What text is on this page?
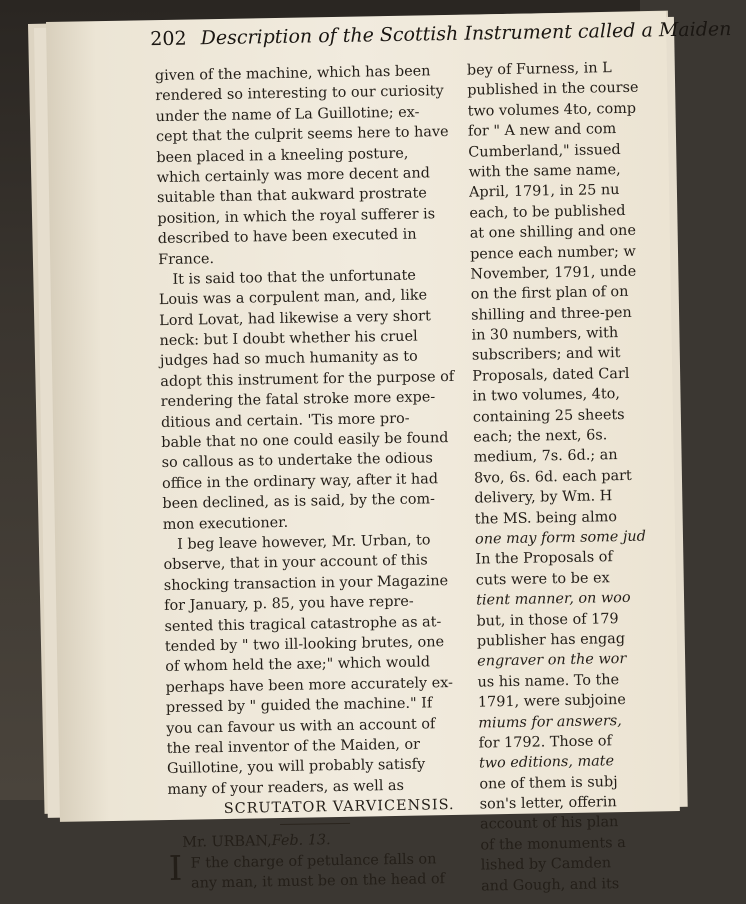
202 Description of the Scottish Instrument called a Maiden
given of the machine, which has been
rendered so interesting to our curiosity
under the name of La Guillotine; ex-
cept that the culprit seems here to have
been placed in a kneeling posture,
which certainly was more decent and
suitable than that aukward prostrate
position, in which the royal sufferer is
described to have been executed in
France.
It is said too that the unfortunate
Louis was a corpulent man, and, like
Lord Lovat, had likewise a very short
neck: but I doubt whether his cruel
judges had so much humanity as to
adopt this instrument for the purpose of
rendering the fatal stroke more expe-
ditious and certain. 'Tis more pro-
bable that no one could easily be found
so callous as to undertake the odious
office in the ordinary way, after it had
been declined, as is said, by the com-
mon executioner.
I beg leave however, Mr. Urban, to
observe, that in your account of this
shocking transaction in your Magazine
for January, p. 85, you have repre-
sented this tragical catastrophe as at-
tended by " two ill-looking brutes, one
of whom held the axe;" which would
perhaps have been more accurately ex-
pressed by " guided the machine." If
you can favour us with an account of
the real inventor of the Maiden, or
Guillotine, you will probably satisfy
many of your readers, as well as
SCRUTATOR VARVICENSIS.
Mr. URBAN,Feb. 13.
I F the charge of petulance falls on
any man, it must be on the head of
bey of Furness, in L
published in the course
two volumes 4to, comp
for " A new and com
Cumberland," issued
with the same name,
April, 1791, in 25 nu
each, to be published
at one shilling and one
pence each number; w
November, 1791, unde
on the first plan of on
shilling and three-pen
in 30 numbers, with
subscribers; and wit
Proposals, dated Carl
in two volumes, 4to,
containing 25 sheets
each; the next, 6s.
medium, 7s. 6d.; an
8vo, 6s. 6d. each part
delivery, by Wm. H
the MS. being almo
one may form some jud
In the Proposals of
cuts were to be ex
tient manner, on woo
but, in those of 179
publisher has engag
engraver on the wor
us his name. To the
1791, were subjoine
miums for answers,
for 1792. Those of
two editions, mate
one of them is subj
son's letter, offerin
account of his plan
of the monuments a
lished by Camden
and Gough, and its
